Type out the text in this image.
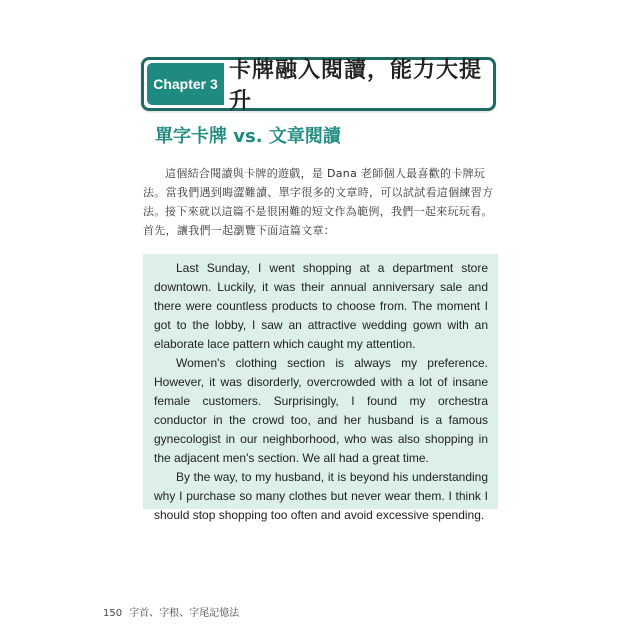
Chapter 3
卡牌融入閱讀，能力大提升
單字卡牌 vs. 文章閱讀
這個結合閱讀與卡牌的遊戲，是 Dana 老師個人最喜歡的卡牌玩法。當我們遇到晦澀難讀、單字很多的文章時，可以試試看這個練習方法。 接下來就以這篇不是很困難的短文作為範例，我們一起來玩玩看。首先，讓我們一起瀏覽下面這篇文章：

Last Sunday, I went shopping at a department store downtown. Luckily, it was their annual anniversary sale and there were countless products to choose from. The moment I got to the lobby, I saw an attractive wedding gown with an elaborate lace pattern which caught my attention.

Women's clothing section is always my preference. However, it was disorderly, overcrowded with a lot of insane female customers. Surprisingly, I found my orchestra conductor in the crowd too, and her husband is a famous gynecologist in our neighborhood, who was also shopping in the adjacent men's section. We all had a great time.

By the way, to my husband, it is beyond his understanding why I purchase so many clothes but never wear them. I think I should stop shopping too often and avoid excessive spending.

150 字首、字根、字尾記憶法
